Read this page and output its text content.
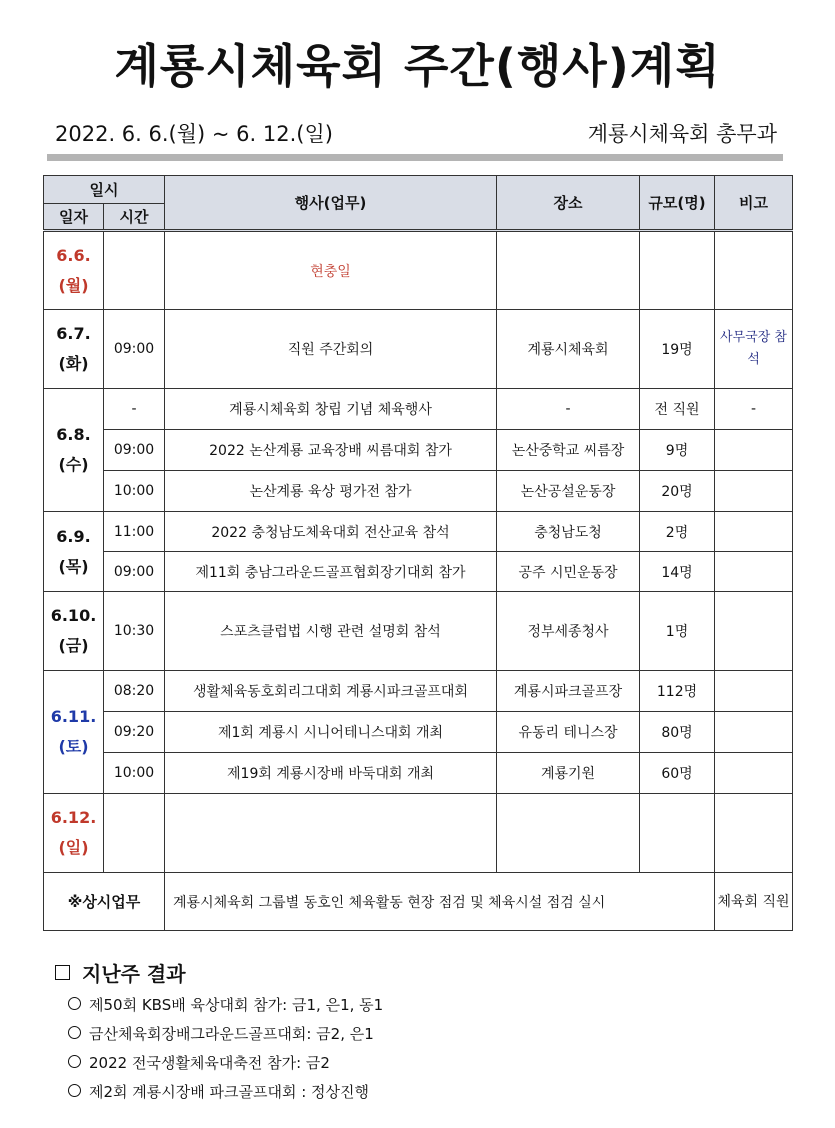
계룡시체육회 주간(행사)계획
2022. 6. 6.(월) ~ 6. 12.(일)	계룡시체육회 총무과
일시		행사(업무)	장소	규모(명)	비고
일자	시간				

6.6.
(월)		현충일			

6.7.
(화)	09:00	직원 주간회의	계룡시체육회	19명	사무국장 참석

6.8.
(수)	-	계룡시체육회 창립 기념 체육행사	-	전 직원	-
	09:00	2022 논산계룡 교육장배 씨름대회 참가	논산중학교 씨름장	9명	
	10:00	논산계룡 육상 평가전 참가	논산공설운동장	20명	

6.9.
(목)	11:00	2022 충청남도체육대회 전산교육 참석	충청남도청	2명	
	09:00	제11회 충남그라운드골프협회장기대회 참가	공주 시민운동장	14명	

6.10.
(금)	10:30	스포츠클럽법 시행 관련 설명회 참석	정부세종청사	1명	

6.11.
(토)	08:20	생활체육동호회리그대회 계룡시파크골프대회	계룡시파크골프장	112명	
	09:20	제1회 계룡시 시니어테니스대회 개최	유동리 테니스장	80명	
	10:00	제19회 계룡시장배 바둑대회 개최	계룡기원	60명	

6.12.
(일)					

※상시업무		계룡시체육회 그룹별 동호인 체육활동 현장 점검 및 체육시설 점검 실시			체육회 직원
지난주 결과
제50회 KBS배 육상대회 참가: 금1, 은1, 동1
금산체육회장배그라운드골프대회: 금2, 은1
2022 전국생활체육대축전 참가: 금2
제2회 계룡시장배 파크골프대회 : 정상진행
